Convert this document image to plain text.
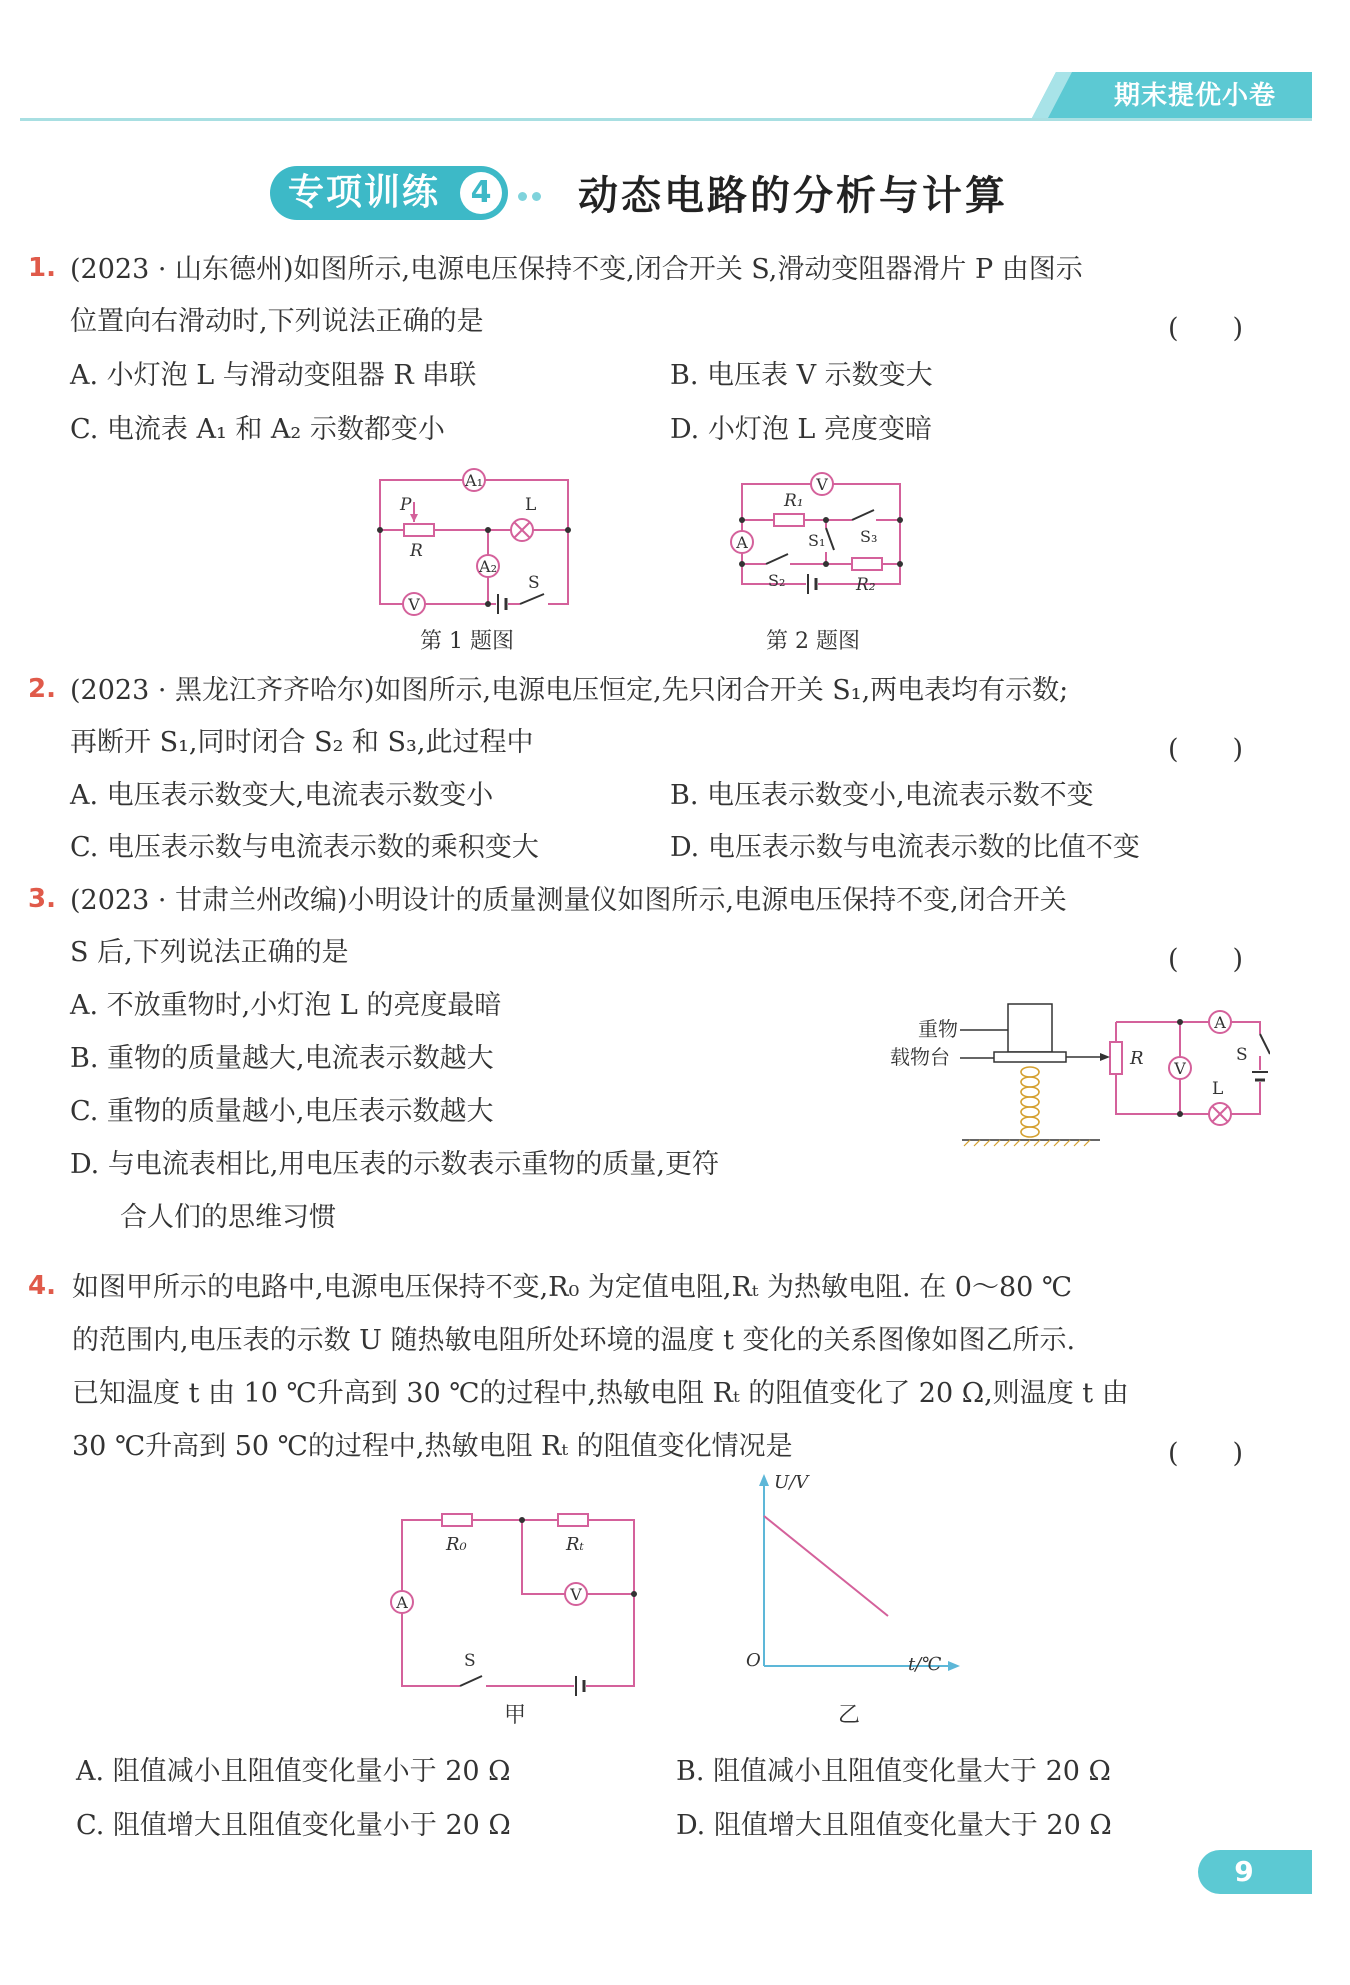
期末提优小卷
专项训练	4 动态电路的分析与计算
1. (2023 · 山东德州)如图所示,电源电压保持不变,闭合开关 S,滑动变阻器滑片 P 由图示
位置向右滑动时,下列说法正确的是	(　　)
A. 小灯泡 L 与滑动变阻器 R 串联	B. 电压表 V 示数变大
C. 电流表 A₁ 和 A₂ 示数都变小	D. 小灯泡 L 亮度变暗
A₁
L
P
R
A₂
V
S
第 1 题图
V
R₁
S₃
A	S₁
S₂	R₂
第 2 题图
2. (2023 · 黑龙江齐齐哈尔)如图所示,电源电压恒定,先只闭合开关 S₁,两电表均有示数;
再断开 S₁,同时闭合 S₂ 和 S₃,此过程中	(　　)
A. 电压表示数变大,电流表示数变小	B. 电压表示数变小,电流表示数不变
C. 电压表示数与电流表示数的乘积变大	D. 电压表示数与电流表示数的比值不变
3. (2023 · 甘肃兰州改编)小明设计的质量测量仪如图所示,电源电压保持不变,闭合开关
S 后,下列说法正确的是	(　　)
A. 不放重物时,小灯泡 L 的亮度最暗
B. 重物的质量越大,电流表示数越大
C. 重物的质量越小,电压表示数越大
D. 与电流表相比,用电压表的示数表示重物的质量,更符
合人们的思维习惯
重物
载物台	R V
A
S
L
4. 如图甲所示的电路中,电源电压保持不变,R₀ 为定值电阻,Rₜ 为热敏电阻. 在 0～80 ℃
的范围内,电压表的示数 U 随热敏电阻所处环境的温度 t 变化的关系图像如图乙所示.
已知温度 t 由 10 ℃升高到 30 ℃的过程中,热敏电阻 Rₜ 的阻值变化了 20 Ω,则温度 t 由
30 ℃升高到 50 ℃的过程中,热敏电阻 Rₜ 的阻值变化情况是	(　　)
R₀	Rₜ
V
A
S
甲
U/V
t/℃
O
乙
A. 阻值减小且阻值变化量小于 20 Ω	B. 阻值减小且阻值变化量大于 20 Ω
C. 阻值增大且阻值变化量小于 20 Ω	D. 阻值增大且阻值变化量大于 20 Ω
9
